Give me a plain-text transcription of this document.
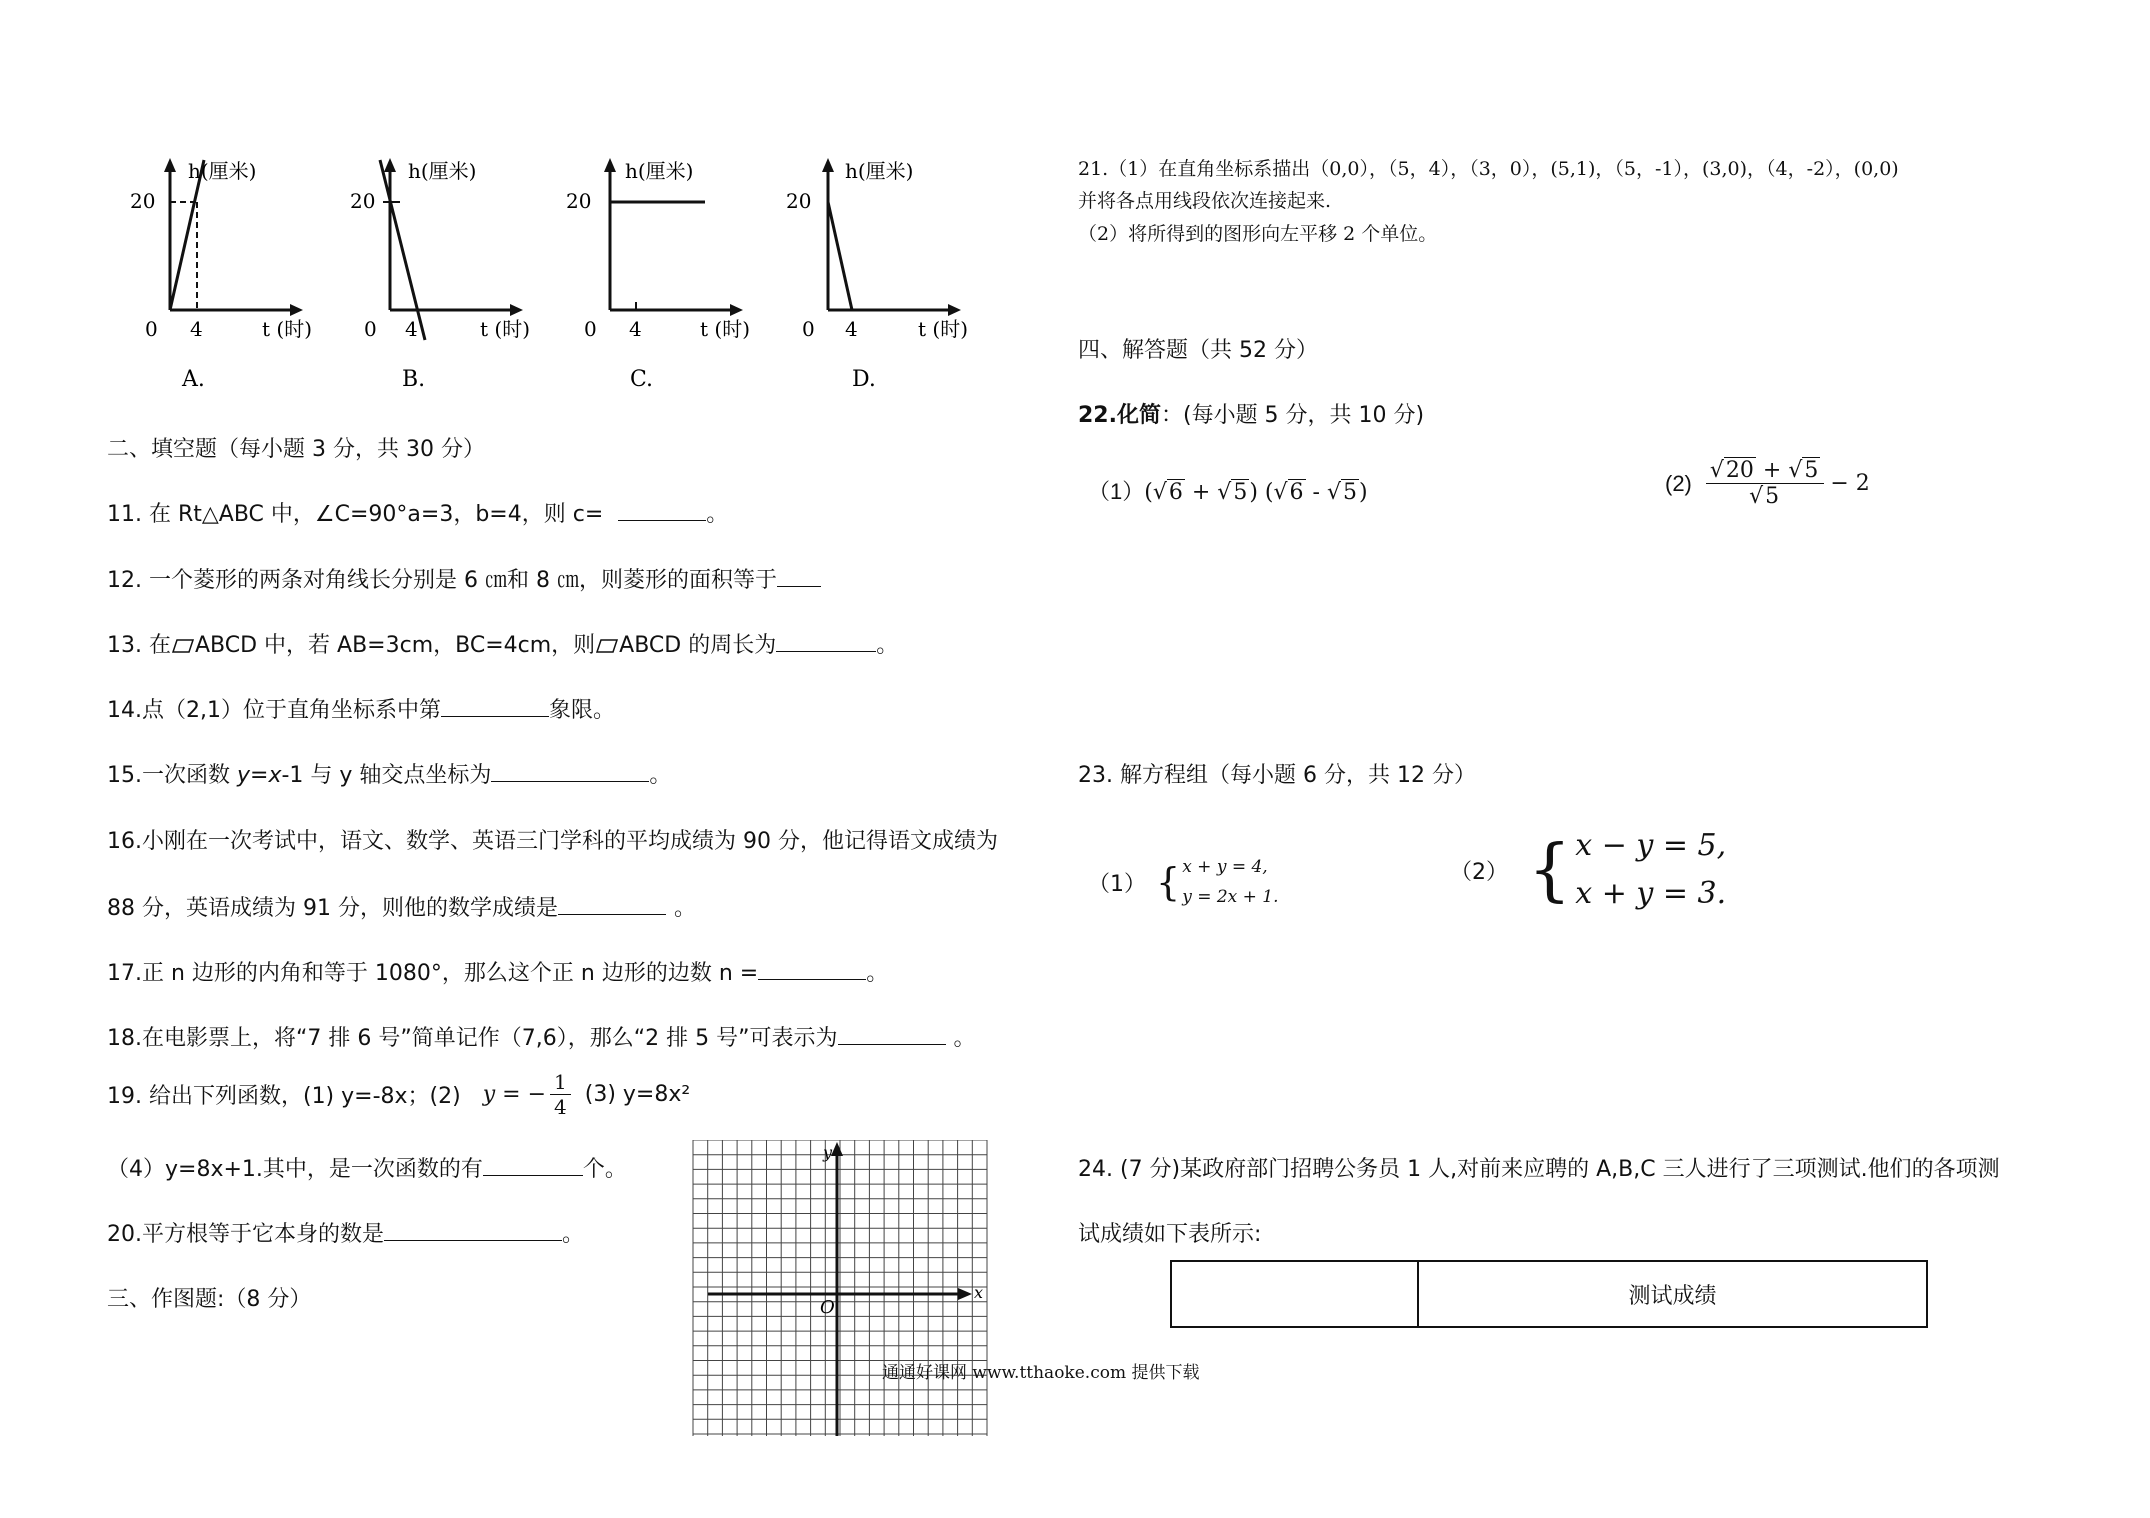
h(厘米)
20
0 4	t (时)
h(厘米)
20
0 4	t (时)
h(厘米)
20
0 4	t (时)
h(厘米)
20
0 4	t (时)
A.	B.	C.	D.
二、填空题（每小题 3 分，共 30 分）
11. 在 Rt△ABC 中，∠C=90°a=3，b=4，则 c=	。
12. 一个菱形的两条对角线长分别是 6 ㎝和 8 ㎝，则菱形的面积等于
13. 在 ABCD 中，若 AB=3cm，BC=4cm，则 ABCD 的周长为	。
14.点（2,1）位于直角坐标系中第	象限。
15.一次函数 y=x-1 与 y 轴交点坐标为	。
16.小刚在一次考试中，语文、数学、英语三门学科的平均成绩为 90 分，他记得语文成绩为
88 分，英语成绩为 91 分，则他的数学成绩是	。
17.正 n 边形的内角和等于 1080°，那么这个正 n 边形的边数 n =	。
18.在电影票上，将“7 排 6 号”简单记作（7,6），那么“2 排 5 号”可表示为	。
19. 给出下列函数，(1) y=-8x；(2) y = − $\frac{1}{4} (3)$ y=8x²
（4）y=8x+1.其中，是一次函数的有	个。
20.平方根等于它本身的数是	。
三、作图题:（8 分）
y
x
O
通通好课网 www.tthaoke.com 提供下载
21.（1）在直角坐标系描出（0,0），（5，4），（3，0），(5,1)，（5，-1），(3,0)，（4，-2），(0,0)
并将各点用线段依次连接起来.
（2）将所得到的图形向左平移 2 个单位。
四、解答题（共 52 分）
22.化简：(每小题 5 分，共 10 分)
（1）(√6 + √5) (√6 - √5)	$(2) \frac{√20 + √5}{√5} - 2$
23. 解方程组（每小题 6 分，共 12 分）
（1） { x + y = 4,
y = 2x + 1.
（2） { x − y = 5,
x + y = 3.
24. (7 分)某政府部门招聘公务员 1 人,对前来应聘的 A,B,C 三人进行了三项测试.他们的各项测
试成绩如下表所示:
测试成绩
